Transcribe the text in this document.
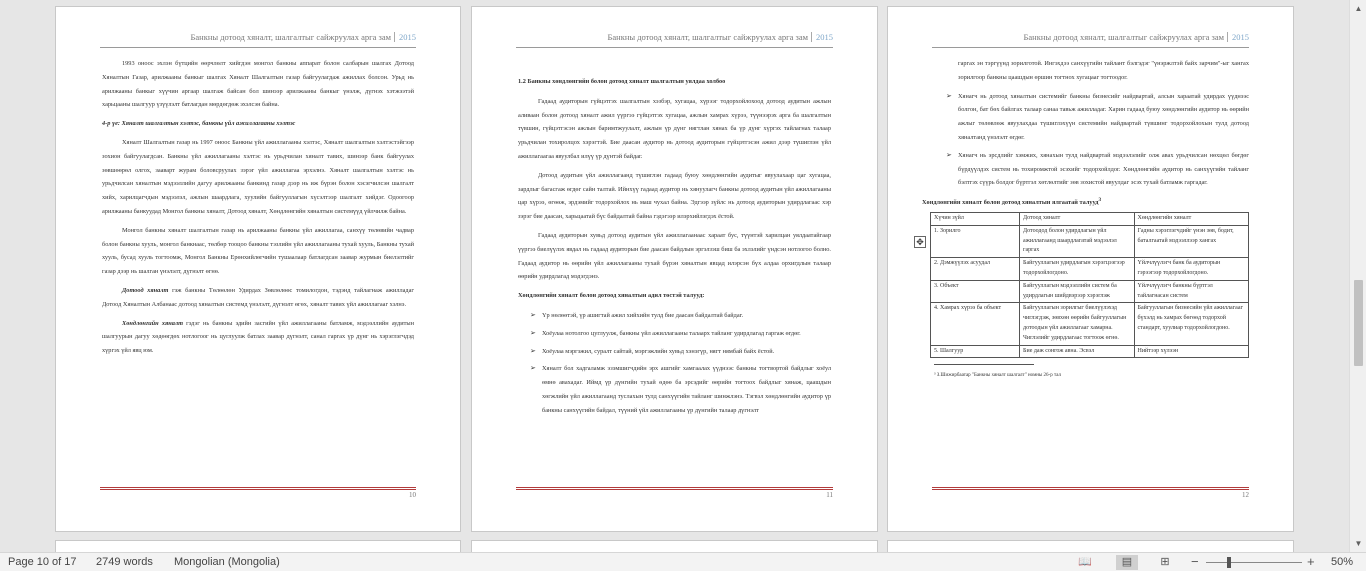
Банкны дотоод хяналт, шалгалтыг сайжруулах арга зам 2015

1993 оноос эхлэн бүтцийн өөрчлөлт хийгдэн монгол банкны аппарат болон салбарын шалгах Дотоод Хяналтын Газар, арилжааны банкыг шалгах Хяналт Шалгалтын газар байгуулагдаж ажиллах болсон. Урьд нь арилжааны банкыг хүүчин аргаар шалгаж байсан бол шинээр арилжааны банкыг үнэлж, дүгнэх хэтжээтэй харьцааны шалгуур үзүүлэлт батлагдан мөрдөгдөж эхэлсэн байна.

4-р үе: Хяналт шалгалтын хэлтэс, банкны үйл ажиллагааны хэлтэс

Хяналт Шалгалтын газар нь 1997 оноос Банкны үйл ажиллагааны хэлтэс, Хяналт шалгалтын хэлтэстэйгээр зохион байгуулагдсан. Банкны үйл ажиллагааны хэлтэс нь урьдчилан хяналт тавих, шинээр банк байгуулах зөвшөөрөл олгох, зааварт журам боловсруулах зэрэг үйл ажиллагаа эрхэлнэ. Хяналт шалгалтын хэлтэс нь урьдчилсан хяналтын мэдээллийн дагуу арилжааны банкинд газар дээр нь иж бүрэн болон хэсэгчилсэн шалгалт хийх, харилцагчдын мэдээлэл, ажлын шаардлага, хуулийн байгууллагын хүсэлтээр шалгалт хийдэг. Одоогоор арилжааны банкуудад Монгол банкны хяналт, Дотоод хяналт, Хөндлөнгийн хяналтын системүүд үйлчилж байна.

Монгол банкны хяналт шалгалтын газар нь арилжааны банкны үйл ажиллагаа, санхүү төлөвийн чадвар болон банкны хууль, монгол банкнаас, төлбөр тооцоо банкны тэзлийн үйл ажиллагааны тухай хууль, Банкны тухай хууль, бусад хууль тогтоомж, Монгол Банкны Ерөнхийлөгчийн тушаалаар батлагдсан заавар журмын биелэлтийг газар дээр нь шалган үнэлэлт, дүгнэлт өгнө.

Дотоод хяналт гэж банкны Төлөөлөн Удирдах Зөвлөлөөс томилогдон, тэдэнд тайлагнаж ажилладаг Дотоод Хяналтын Албанааc дотоод хяналтын системд үнэлэлт, дүгнэлт өгөх, хяналт тавих үйл ажиллагааг хэлнэ.

Хөндлөнгийн хяналт гэдэг нь банкны эдийн засгийн үйл ажиллагааны батламж, мэдээллийн аудитын шалгуурын дагуу хөдөөгдөх нотлогоог нь цуглуулж батлах заавар дүгнэлт, санал гаргах үр дүнг нь хэрэглэгчдэд хүргэх үйл явц юм.

10
Банкны дотоод хяналт, шалгалтыг сайжруулах арга зам 2015

1.2 Банкны хөндлөнгийн болон дотоод хяналт шалгалтын уялдаа холбоо

Гадаад аудиторын гүйцэтгэх шалгалтын хэзбэр, хугацаа, хүрээг тодорхойлохоод дотоод аудитын ажлын аливаан болон дотоод хяналт ажил үүргээ гүйцэтгэх хугацаа, ажлын хамрах хүрээ, түүнээрэх арга ба шалгалтын түвшин, гүйцэтгэсэн ажлын баримтжуулалт, ажлын үр дүнг нягтлан хянах ба үр дүнг хүргэх тайлагнах талаар урьдчилан тохиролцох хэрэгтэй. Бие даасан аудитор нь дотоод аудиторын гүйцэтгэсэн ажил дээр түшиглэн үйл ажиллагаагаа явуулбал илүү үр дүнтэй байдаг.

Дотоод аудитын үйл ажиллагаанд түшиглэн гадаад буюу хөндлөнгийн аудитыг явуулахаар цаг хугацаа, зардлыг багасгаж өгдөг сайн талтай. Ийнхүү гадаад аудитор нь хянуулагч банкны дотоод аудитын үйл ажиллагааны цар хүрээ, өгөөж, эрдэмийг тодорхойлох нь маш чухал байна. Эдгээр зүйлс нь дотоод аудиторын удирдлагаас хэр зэрэг бие даасан, харьцаатай бүс байдалтай байна гэдэгээр илэрхийлэгдэх ёстой.

Гадаад аудиторын хувьд дотоод аудитын үйл ажиллагаанааc хараат бус, түүнтэй харилцан уялдаатайгаар үүргээ биелүүлэх явдал нь гадаад аудиторын бие даасан байдлын эргэлзэш биш ба эхлэлийг үндсэн нотлогоо болно. Гадаад аудитор нь өөрийн үйл ажиллагааны тухай бүрэн хяналтын явцад илэрсэн бүх алдаа орхигдлын талаар өөрийн удирдлагад мэдэгдэнэ.

Хөндлөнгийн хяналт болон дотоод хяналтын адил төстэй талууд:

➢ Үр нөлөөтэй, үр ашигтай ажил хийхийн тулд бие даасан байдалтай байдаг.
➢ Хоёулаа нотолгоо цуглуулж, банкны үйл ажиллагааны талаарх тайланг удирдлагад гаргаж өгдөг.
➢ Хоёулаа мэргэжил, суралт сайтай, мэргэжлийн хувьд хэнэгүр, нягт нямбай байх ёстой.
➢ Хяналт бол хадгаламж эзэмшигчдийн эрх ашгийг хамгаалах үүднээс банкны тогтвортой байдлыг хоёул өмнө авахадаг. Иймд үр дүнгийн тухай өдөө ба эрсэдийг өөрийн тогтоох байдлыг хянаж, цаашдын хөгжлийн үйл ажиллагаанд туслахын тулд санхүүгийн тайланг шинжлэнэ. Тэгвэл хөндлөнгийн аудитор үр банкны санхүүгийн байдал, түүний үйл ажиллагааны үр дүнгийн талаар дүгнэлт
11
Банкны дотоод хяналт, шалгалтыг сайжруулах арга зам 2015

гаргах эн тэргүүнд зорилготой. Ингэхдээ санхүүгийн тайлант бэлгэдэг "үнэржлтэй байх зарчим"-ыг хангах зорилгоор банкны цаашдын өршин тогтнох хугацааг тогтоодог.

➢ Хянагч нь дотоод хяналтын системийг банкны бизнесийг найдвартай, алсын хараатай удирдах үүднээс болгон, бат бөх байлгах талаар санаа тавьж ажилладаг. Харин гадаад буюу хөндлөнгийн аудитор нь өөрийн ажлыг төлөвлөж явуулахдаа түшиглэхүүн системийн найдвартай түвшинг тодорхойлохын тулд дотоод хяналтанд үнэлэлт өгдөг.
➢ Хянагч нь эрсдлийг хэмжих, хянахын тулд найдвартай мэдээлэлийг олж авах урьдчилсан нөхцөл бөгдөг бүрдүүлдэх систем нь тохиромжтой эсэхийг тодорхойлдог. Хөндлөнгийн аудитор нь санхүүгийн тайланг бэлтгэх сүүрь болдог бүртгэл хөтлөлтийг зөв зохистой явуулдаг эсэх тухай батламж гаргадаг.

Хөндлөнгийн хяналт болон дотоод хяналтын ялгаатай талууд$^3$

Хүчин зүйл	Дотоод хяналт	Хөндлөнгийн хяналт
1. Зорилго	Дотоодод болон удирдлагын үйл ажиллагаанд шаардлагатай мэдээлэл гаргах	Гадны хэрэглэгчдийг үнэн зөв, бодит, баталгаатай мэдээллээр хангах
2. Дэмжүүлэх асуудал	Байгууллагын удирдлагын хэрэгцээгээр тодорхойлогдоно.	Үйлчлүүлэгч банк ба аудиторын гэрээгээр тодорхойлогдоно.
3. Объект	Байгууллагын мэдээллийн систем ба удирдлагын шийдвэрээр хэрэглэж	Үйлчлүүлэгч банкны бүртгэл тайлагнасан систем
4. Хамрах хүрээ ба объект	Байгууллагын зорилгыг биелүүлэхэд чиглэгдэж, зөвхөн өөрийн байгууллагын дотоодын үйл ажиллагааг хамарна. Чиглэлийг удирдлагаас тогтоож өгнө.	Байгууллагын бизнесийн үйл ажиллагааг бүхэлд нь хамрах бөгөөд тодорхой стандарт, хуулиар тодорхойлогдоно.
5. Шалгуур	Бие даж сонгож авна. Эсвэл	Нийтээр хүлээн
³ З.Шижирбаатар "Банкны хяналт шалгалт" номны 26-р тал
12
✥
▲
▼
Page 10 of 17 2749 words Mongolian (Mongolia)	📖	▤	⊞	−	+ 50%
